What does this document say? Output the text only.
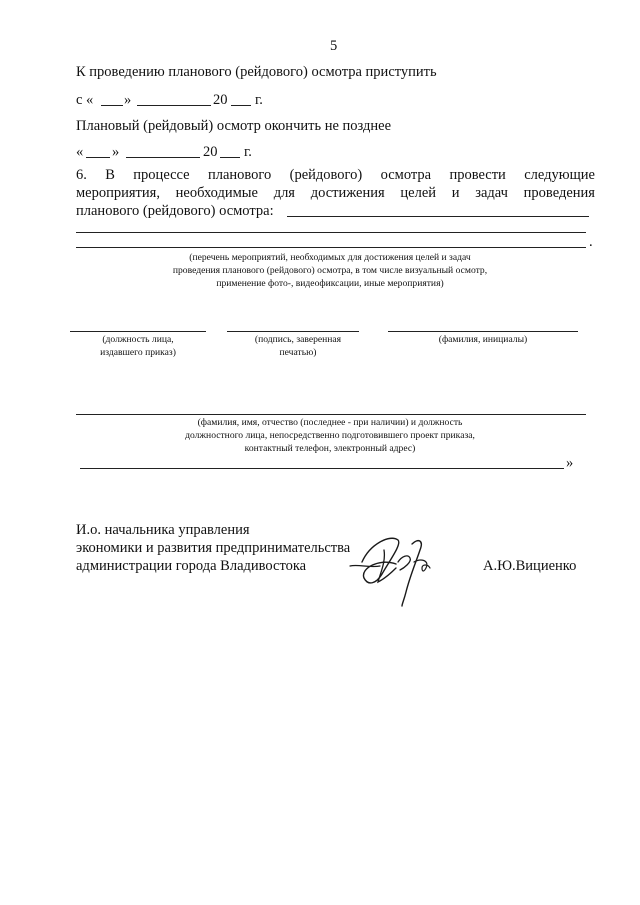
5
К проведению планового (рейдового) осмотра приступить
с « »	20 г.
Плановый (рейдовый) осмотр окончить не позднее
« »	20 г.
6. В процессе планового (рейдового) осмотра провести следующие
мероприятия, необходимые для достижения целей и задач проведения
планового (рейдового) осмотра:
.
(перечень мероприятий, необходимых для достижения целей и задач
проведения планового (рейдового) осмотра, в том числе визуальный осмотр,
применение фото-, видеофиксации, иные мероприятия)
(должность лица,
издавшего приказ)
(подпись, заверенная
печатью)
(фамилия, инициалы)
(фамилия, имя, отчество (последнее - при наличии) и должность
должностного лица, непосредственно подготовившего проект приказа,
контактный телефон, электронный адрес)
»
И.о. начальника управления
экономики и развития предпринимательства
администрации города Владивостока	А.Ю.Вициенко
